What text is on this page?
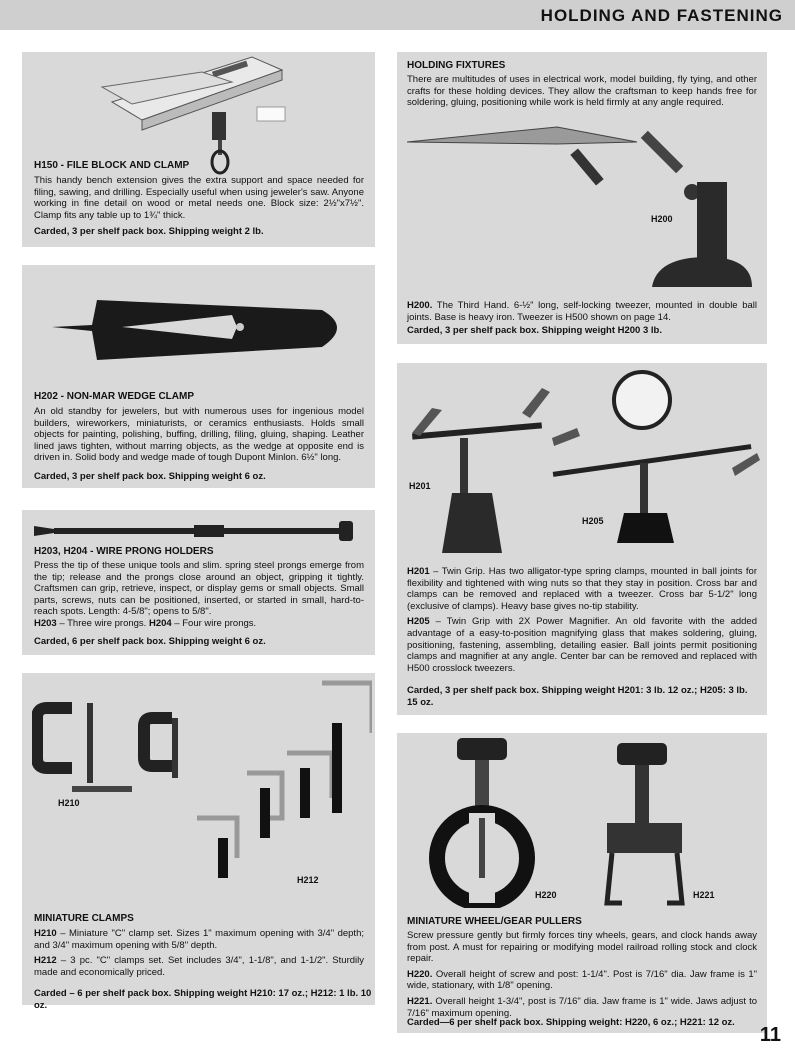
HOLDING AND FASTENING

H150 - FILE BLOCK AND CLAMP

This handy bench extension gives the extra support and space needed for filing, sawing, and drilling. Especially useful when using jeweler's saw. Anyone working in fine detail on wood or metal needs one. Block size: 2½"x7½". Clamp fits any table up to 1¾" thick.

Carded, 3 per shelf pack box. Shipping weight 2 lb.

H202 - NON-MAR WEDGE CLAMP

An old standby for jewelers, but with numerous uses for ingenious model builders, wireworkers, miniaturists, or ceramics enthusiasts. Holds small objects for painting, polishing, buffing, drilling, filing, gluing, shaping. Leather lined jaws tighten, without marring objects, as the wedge at opposite end is driven in. Solid body and wedge made of tough Dupont Minlon. 6½" long.

Carded, 3 per shelf pack box. Shipping weight 6 oz.

H203, H204 - WIRE PRONG HOLDERS

Press the tip of these unique tools and slim. spring steel prongs emerge from the tip; release and the prongs close around an object, gripping it tightly. Craftsmen can grip, retrieve, inspect, or display gems or small objects. Small parts, screws, nuts can be positioned, inserted, or started in small, hard-to-reach spots. Length: 4-5/8"; opens to 5/8".
H203 – Three wire prongs. H204 – Four wire prongs.

Carded, 6 per shelf pack box. Shipping weight 6 oz.

H210
H212

MINIATURE CLAMPS

H210 – Miniature "C" clamp set. Sizes 1" maximum opening with 3/4" depth; and 3/4" maximum opening with 5/8" depth.
H212 – 3 pc. "C" clamps set. Set includes 3/4", 1-1/8", and 1-1/2". Sturdily made and economically priced.

Carded – 6 per shelf pack box. Shipping weight H210: 17 oz.; H212: 1 lb. 10 oz.

HOLDING FIXTURES

There are multitudes of uses in electrical work, model building, fly tying, and other crafts for these holding devices. They allow the craftsman to keep hands free for soldering, gluing, positioning while work is held firmly at any angle required.

H200
H200. The Third Hand. 6-½" long, self-locking tweezer, mounted in double ball joints. Base is heavy iron. Tweezer is H500 shown on page 14.

Carded, 3 per shelf pack box. Shipping weight H200 3 lb.

H201
H205
H201 – Twin Grip. Has two alligator-type spring clamps, mounted in ball joints for flexibility and tightened with wing nuts so that they stay in position. Cross bar and clamps can be removed and replaced with a tweezer. Cross bar 5-1/2" long (exclusive of clamps). Heavy base gives no-tip stability.
H205 – Twin Grip with 2X Power Magnifier. An old favorite with the added advantage of a easy-to-position magnifying glass that makes soldering, gluing, positioning, fastening, assembling, detailing easier. Ball joints permit positioning clamps and magnifier at any angle. Center bar can be removed and replaced with H500 crosslock tweezers.

Carded, 3 per shelf pack box. Shipping weight H201: 3 lb. 12 oz.; H205: 3 lb. 15 oz.

H220	H221

MINIATURE WHEEL/GEAR PULLERS

Screw pressure gently but firmly forces tiny wheels, gears, and clock hands away from post. A must for repairing or modifying model railroad rolling stock and clock repair.
H220. Overall height of screw and post: 1-1/4". Post is 7/16" dia. Jaw frame is 1" wide, stationary, with 1/8" opening.
H221. Overall height 1-3/4", post is 7/16" dia. Jaw frame is 1" wide. Jaws adjust to 7/16" maximum opening.

Carded—6 per shelf pack box. Shipping weight: H220, 6 oz.; H221: 12 oz.

11
